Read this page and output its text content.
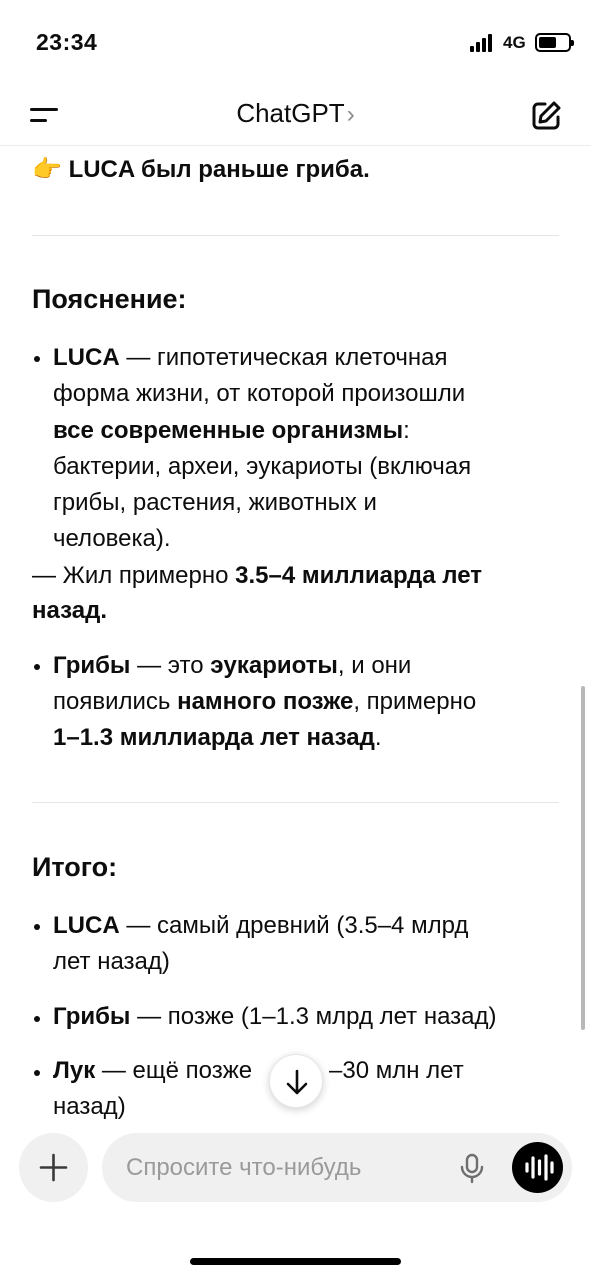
23:34	4G
ChatGPT›
👉 LUCA был раньше гриба.
Пояснение:
LUCA — гипотетическая клеточная
форма жизни, от которой произошли
все современные организмы:
бактерии, археи, эукариоты (включая
грибы, растения, животных и
человека).
— Жил примерно 3.5–4 миллиарда лет
назад.
Грибы — это эукариоты, и они
появились намного позже, примерно
1–1.3 миллиарда лет назад.
Итого:
LUCA — самый древний (3.5–4 млрд
лет назад)
Грибы — позже (1–1.3 млрд лет назад)
Лук — ещё позже	–30 млн лет
назад)
Спросите что-нибудь
